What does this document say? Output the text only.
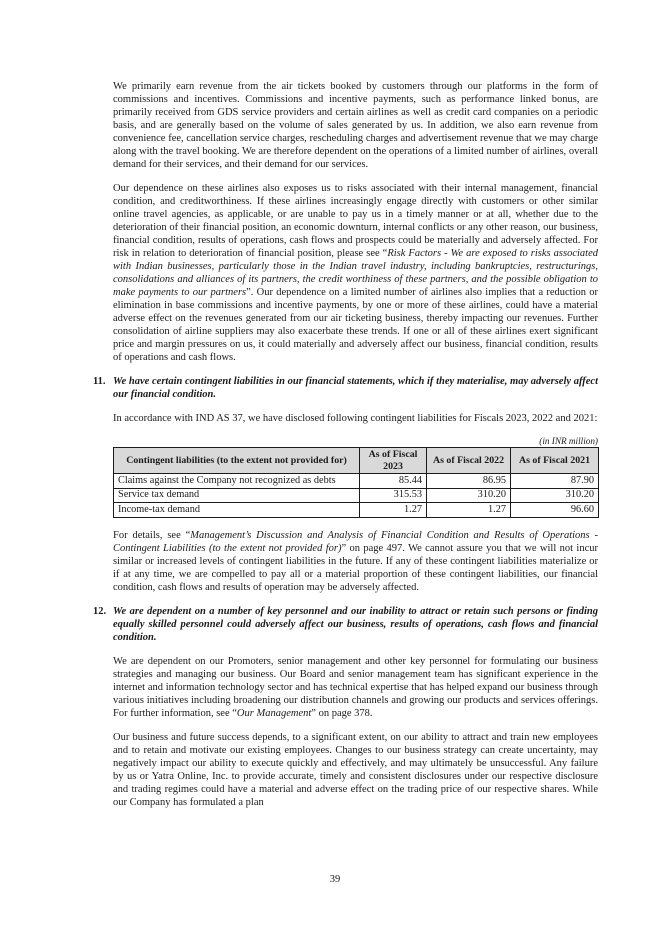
We primarily earn revenue from the air tickets booked by customers through our platforms in the form of commissions and incentives. Commissions and incentive payments, such as performance linked bonus, are primarily received from GDS service providers and certain airlines as well as credit card companies on a periodic basis, and are generally based on the volume of sales generated by us. In addition, we also earn revenue from convenience fee, cancellation service charges, rescheduling charges and advertisement revenue that we may charge along with the travel booking. We are therefore dependent on the operations of a limited number of airlines, overall demand for their services, and their demand for our services.

Our dependence on these airlines also exposes us to risks associated with their internal management, financial condition, and creditworthiness. If these airlines increasingly engage directly with customers or other similar online travel agencies, as applicable, or are unable to pay us in a timely manner or at all, whether due to the deterioration of their financial position, an economic downturn, internal conflicts or any other reason, our business, financial condition, results of operations, cash flows and prospects could be materially and adversely affected. For risk in relation to deterioration of financial position, please see “Risk Factors - We are exposed to risks associated with Indian businesses, particularly those in the Indian travel industry, including bankruptcies, restructurings, consolidations and alliances of its partners, the credit worthiness of these partners, and the possible obligation to make payments to our partners”. Our dependence on a limited number of airlines also implies that a reduction or elimination in base commissions and incentive payments, by one or more of these airlines, could have a material adverse effect on the revenues generated from our air ticketing business, thereby impacting our revenues. Further consolidation of airline suppliers may also exacerbate these trends. If one or all of these airlines exert significant price and margin pressures on us, it could materially and adversely affect our business, financial condition, results of operations and cash flows.

11. We have certain contingent liabilities in our financial statements, which if they materialise, may adversely affect our financial condition.

In accordance with IND AS 37, we have disclosed following contingent liabilities for Fiscals 2023, 2022 and 2021:

(in INR million)
Contingent liabilities (to the extent not provided for)	As of Fiscal 2023	As of Fiscal 2022	As of Fiscal 2021
Claims against the Company not recognized as debts	85.44	86.95	87.90
Service tax demand	315.53	310.20	310.20
Income-tax demand	1.27	1.27	96.60

For details, see “Management’s Discussion and Analysis of Financial Condition and Results of Operations - Contingent Liabilities (to the extent not provided for)” on page 497. We cannot assure you that we will not incur similar or increased levels of contingent liabilities in the future. If any of these contingent liabilities materialize or if at any time, we are compelled to pay all or a material proportion of these contingent liabilities, our financial condition, cash flows and results of operation may be adversely affected.

12. We are dependent on a number of key personnel and our inability to attract or retain such persons or finding equally skilled personnel could adversely affect our business, results of operations, cash flows and financial condition.

We are dependent on our Promoters, senior management and other key personnel for formulating our business strategies and managing our business. Our Board and senior management team has significant experience in the internet and information technology sector and has technical expertise that has helped expand our business through various initiatives including broadening our distribution channels and growing our products and services offerings. For further information, see “Our Management” on page 378.

Our business and future success depends, to a significant extent, on our ability to attract and train new employees and to retain and motivate our existing employees. Changes to our business strategy can create uncertainty, may negatively impact our ability to execute quickly and effectively, and may ultimately be unsuccessful. Any failure by us or Yatra Online, Inc. to provide accurate, timely and consistent disclosures under our respective disclosure and trading regimes could have a material and adverse effect on the trading price of our respective shares. While our Company has formulated a plan

39
